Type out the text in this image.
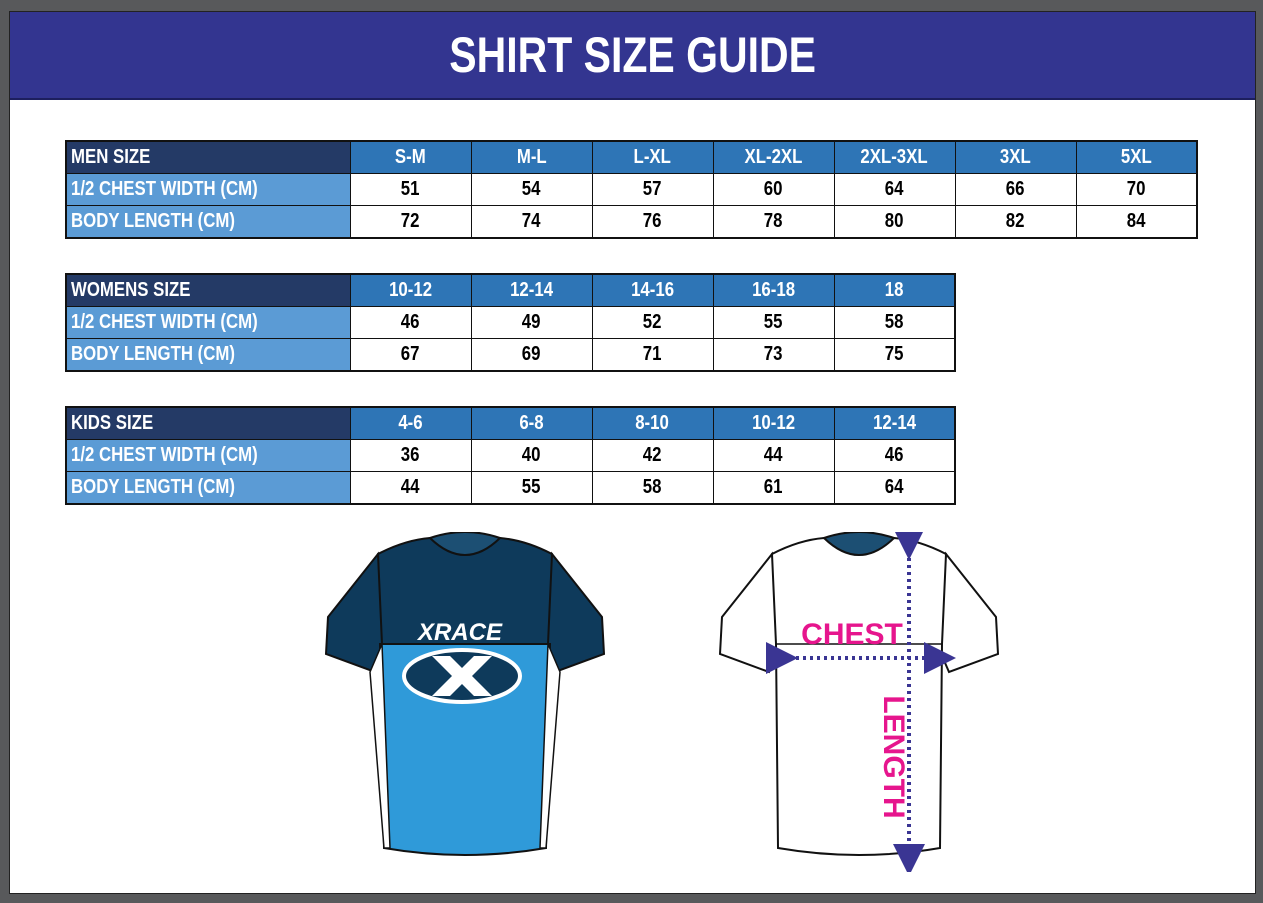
SHIRT SIZE GUIDE
MEN SIZE	S-M	M-L	L-XL	XL-2XL	2XL-3XL	3XL	5XL
1/2 CHEST WIDTH (CM)	51	54	57	60	64	66	70
BODY LENGTH (CM)	72	74	76	78	80	82	84
WOMENS SIZE	10-12	12-14	14-16	16-18	18
1/2 CHEST WIDTH (CM)	46	49	52	55	58
BODY LENGTH (CM)	67	69	71	73	75
KIDS SIZE	4-6	6-8	8-10	10-12	12-14
1/2 CHEST WIDTH (CM)	36	40	42	44	46
BODY LENGTH (CM)	44	55	58	61	64
XRACE	CHEST
LENGTH
